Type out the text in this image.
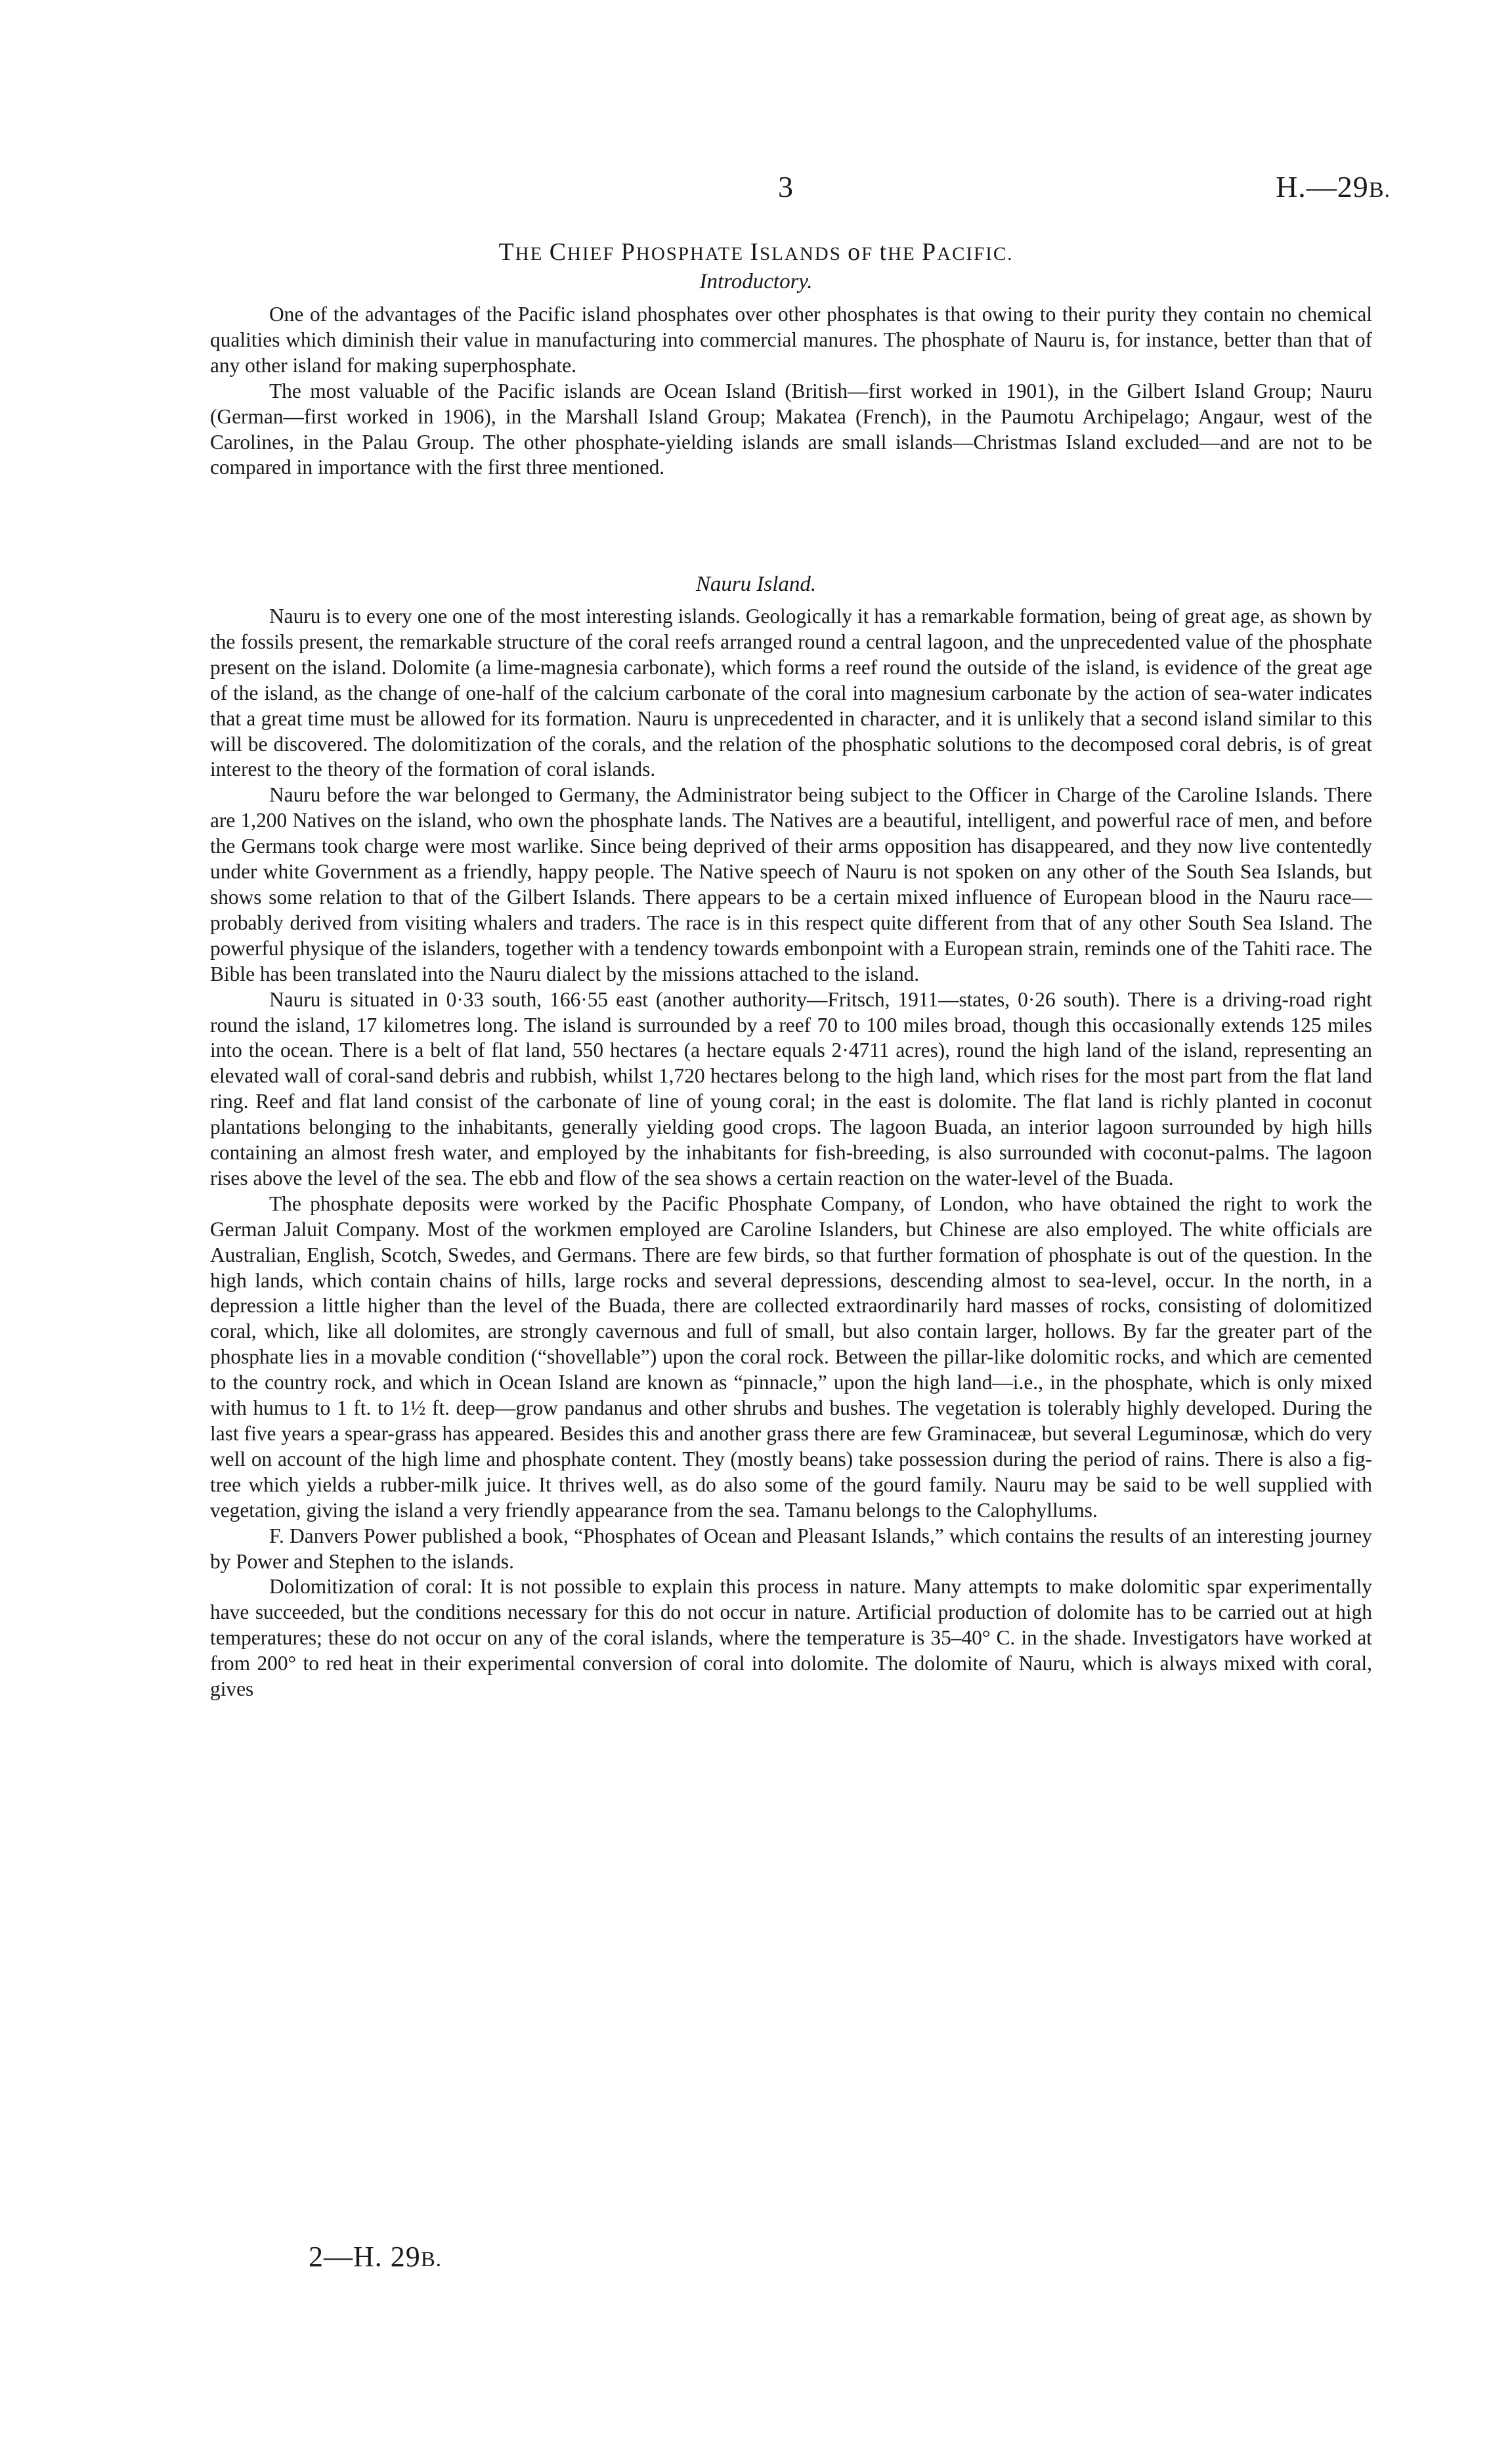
3	H.—29B.
THE CHIEF PHOSPHATE ISLANDS oF tHE PACIFIC.
Introductory.

One of the advantages of the Pacific island phosphates over other phosphates is that owing to their purity they contain no chemical qualities which diminish their value in manufacturing into commercial manures. The phosphate of Nauru is, for instance, better than that of any other island for making superphosphate.

The most valuable of the Pacific islands are Ocean Island (British—first worked in 1901), in the Gilbert Island Group; Nauru (German—first worked in 1906), in the Marshall Island Group; Makatea (French), in the Paumotu Archipelago; Angaur, west of the Carolines, in the Palau Group. The other phosphate-yielding islands are small islands—Christmas Island excluded—and are not to be compared in importance with the first three mentioned.

Nauru Island.

Nauru is to every one one of the most interesting islands. Geologically it has a remarkable formation, being of great age, as shown by the fossils present, the remarkable structure of the coral reefs arranged round a central lagoon, and the unprecedented value of the phosphate present on the island. Dolomite (a lime-magnesia carbonate), which forms a reef round the outside of the island, is evidence of the great age of the island, as the change of one-half of the calcium carbonate of the coral into magnesium carbonate by the action of sea-water indicates that a great time must be allowed for its formation. Nauru is unprecedented in character, and it is unlikely that a second island similar to this will be discovered. The dolomitization of the corals, and the relation of the phosphatic solutions to the decomposed coral debris, is of great interest to the theory of the formation of coral islands.

Nauru before the war belonged to Germany, the Administrator being subject to the Officer in Charge of the Caroline Islands. There are 1,200 Natives on the island, who own the phosphate lands. The Natives are a beautiful, intelligent, and powerful race of men, and before the Germans took charge were most warlike. Since being deprived of their arms opposition has disappeared, and they now live contentedly under white Government as a friendly, happy people. The Native speech of Nauru is not spoken on any other of the South Sea Islands, but shows some relation to that of the Gilbert Islands. There appears to be a certain mixed influence of European blood in the Nauru race—probably derived from visiting whalers and traders. The race is in this respect quite different from that of any other South Sea Island. The powerful physique of the islanders, together with a tendency towards embonpoint with a European strain, reminds one of the Tahiti race. The Bible has been translated into the Nauru dialect by the missions attached to the island.

Nauru is situated in 0·33 south, 166·55 east (another authority—Fritsch, 1911—states, 0·26 south). There is a driving-road right round the island, 17 kilometres long. The island is surrounded by a reef 70 to 100 miles broad, though this occasionally extends 125 miles into the ocean. There is a belt of flat land, 550 hectares (a hectare equals 2·4711 acres), round the high land of the island, representing an elevated wall of coral-sand debris and rubbish, whilst 1,720 hectares belong to the high land, which rises for the most part from the flat land ring. Reef and flat land consist of the carbonate of line of young coral; in the east is dolomite. The flat land is richly planted in coconut plantations belonging to the inhabitants, generally yielding good crops. The lagoon Buada, an interior lagoon surrounded by high hills containing an almost fresh water, and employed by the inhabitants for fish-breeding, is also surrounded with coconut-palms. The lagoon rises above the level of the sea. The ebb and flow of the sea shows a certain reaction on the water-level of the Buada.

The phosphate deposits were worked by the Pacific Phosphate Company, of London, who have obtained the right to work the German Jaluit Company. Most of the workmen employed are Caroline Islanders, but Chinese are also employed. The white officials are Australian, English, Scotch, Swedes, and Germans. There are few birds, so that further formation of phosphate is out of the question. In the high lands, which contain chains of hills, large rocks and several depressions, descending almost to sea-level, occur. In the north, in a depression a little higher than the level of the Buada, there are collected extraordinarily hard masses of rocks, consisting of dolomitized coral, which, like all dolomites, are strongly cavernous and full of small, but also contain larger, hollows. By far the greater part of the phosphate lies in a movable condition (“shovellable”) upon the coral rock. Between the pillar-like dolomitic rocks, and which are cemented to the country rock, and which in Ocean Island are known as “pinnacle,” upon the high land—i.e., in the phosphate, which is only mixed with humus to 1 ft. to 1½ ft. deep—grow pandanus and other shrubs and bushes. The vegetation is tolerably highly developed. During the last five years a spear-grass has appeared. Besides this and another grass there are few Graminaceæ, but several Leguminosæ, which do very well on account of the high lime and phosphate content. They (mostly beans) take possession during the period of rains. There is also a fig-tree which yields a rubber-milk juice. It thrives well, as do also some of the gourd family. Nauru may be said to be well supplied with vegetation, giving the island a very friendly appearance from the sea. Tamanu belongs to the Calophyllums.

F. Danvers Power published a book, “Phosphates of Ocean and Pleasant Islands,” which contains the results of an interesting journey by Power and Stephen to the islands.

Dolomitization of coral: It is not possible to explain this process in nature. Many attempts to make dolomitic spar experimentally have succeeded, but the conditions necessary for this do not occur in nature. Artificial production of dolomite has to be carried out at high temperatures; these do not occur on any of the coral islands, where the temperature is 35–40° C. in the shade. Investigators have worked at from 200° to red heat in their experimental conversion of coral into dolomite. The dolomite of Nauru, which is always mixed with coral, gives

2—H. 29B.
